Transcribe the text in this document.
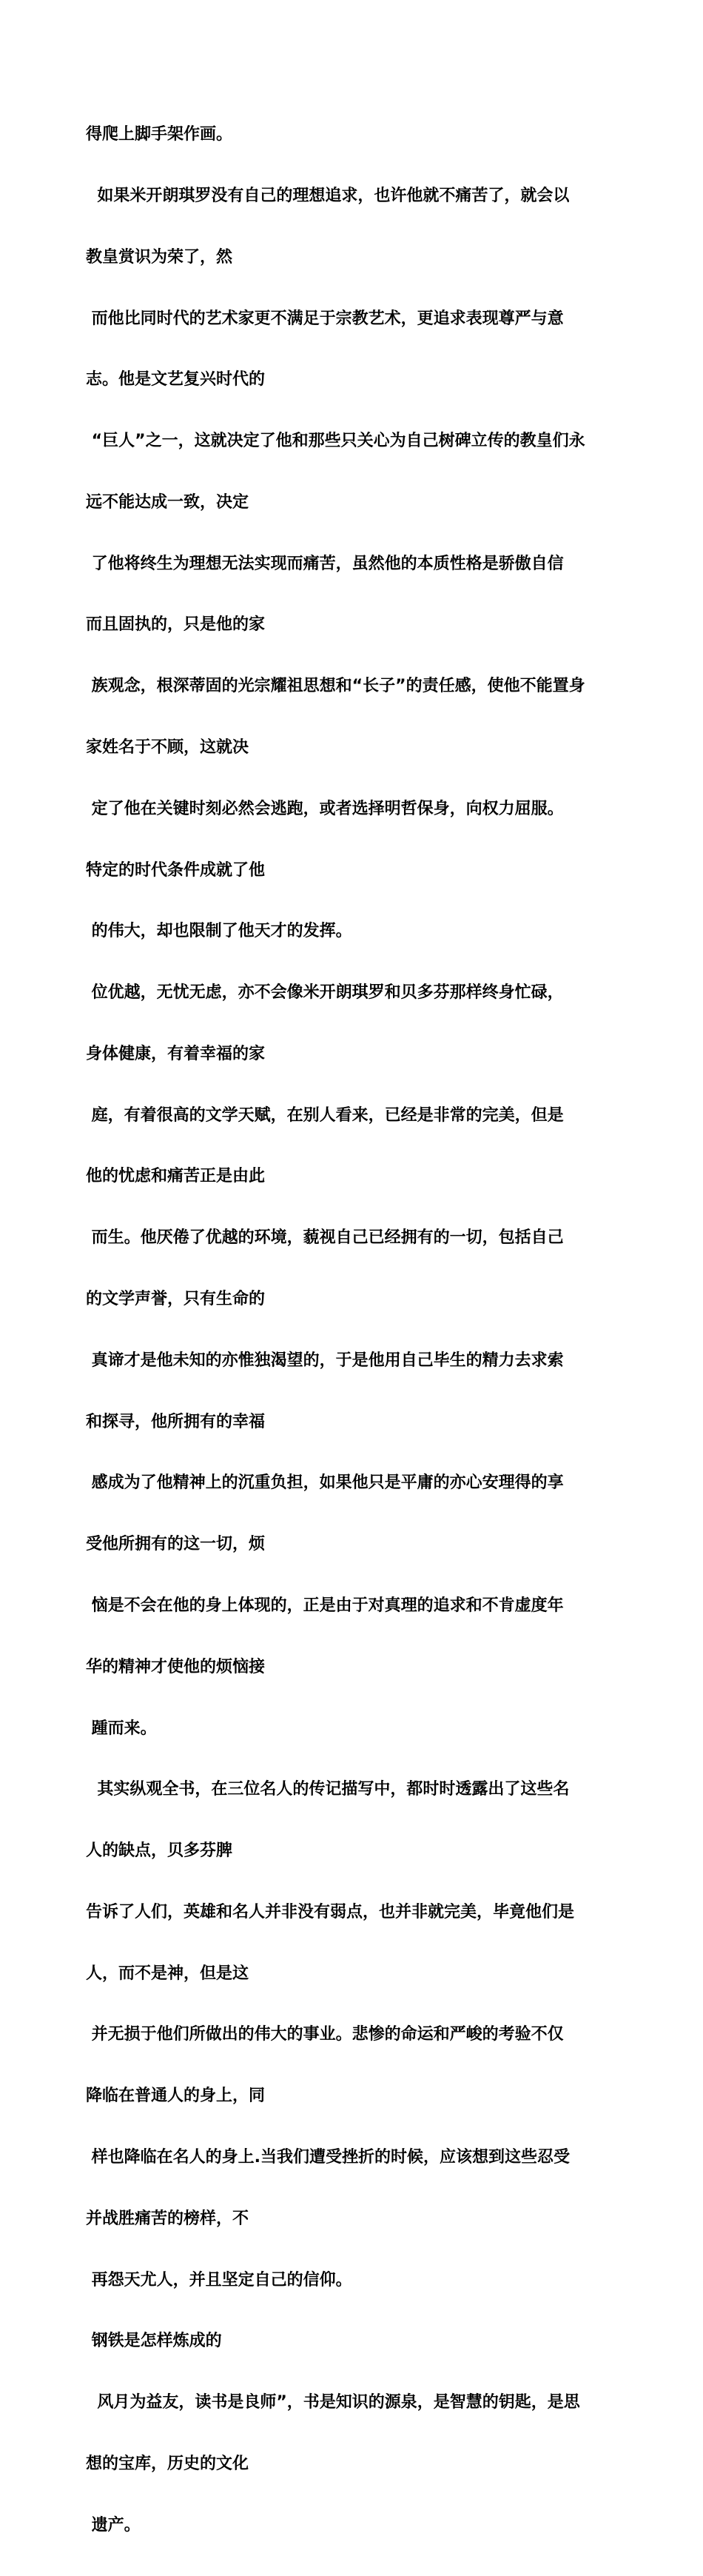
得爬上脚手架作画。

如果米开朗琪罗没有自己的理想追求，也许他就不痛苦了，就会以

教皇赏识为荣了，然

而他比同时代的艺术家更不满足于宗教艺术，更追求表现尊严与意

志。他是文艺复兴时代的

“巨人”之一，这就决定了他和那些只关心为自己树碑立传的教皇们永

远不能达成一致，决定

了他将终生为理想无法实现而痛苦，虽然他的本质性格是骄傲自信

而且固执的，只是他的家

族观念，根深蒂固的光宗耀祖思想和“长子”的责任感，使他不能置身

家姓名于不顾，这就决

定了他在关键时刻必然会逃跑，或者选择明哲保身，向权力屈服。

特定的时代条件成就了他

的伟大，却也限制了他天才的发挥。

位优越，无忧无虑，亦不会像米开朗琪罗和贝多芬那样终身忙碌，

身体健康，有着幸福的家

庭，有着很高的文学天赋，在别人看来，已经是非常的完美，但是

他的忧虑和痛苦正是由此

而生。他厌倦了优越的环境，藐视自己已经拥有的一切，包括自己

的文学声誉，只有生命的

真谛才是他未知的亦惟独渴望的，于是他用自己毕生的精力去求索

和探寻，他所拥有的幸福

感成为了他精神上的沉重负担，如果他只是平庸的亦心安理得的享

受他所拥有的这一切，烦

恼是不会在他的身上体现的，正是由于对真理的追求和不肯虚度年

华的精神才使他的烦恼接

踵而来。

其实纵观全书，在三位名人的传记描写中，都时时透露出了这些名

人的缺点，贝多芬脾

告诉了人们，英雄和名人并非没有弱点，也并非就完美，毕竟他们是

人，而不是神，但是这

并无损于他们所做出的伟大的事业。悲惨的命运和严峻的考验不仅

降临在普通人的身上，同

样也降临在名人的身上.当我们遭受挫折的时候，应该想到这些忍受

并战胜痛苦的榜样，不

再怨天尤人，并且坚定自己的信仰。

钢铁是怎样炼成的

风月为益友，读书是良师”，书是知识的源泉，是智慧的钥匙，是思

想的宝库，历史的文化

遗产。
